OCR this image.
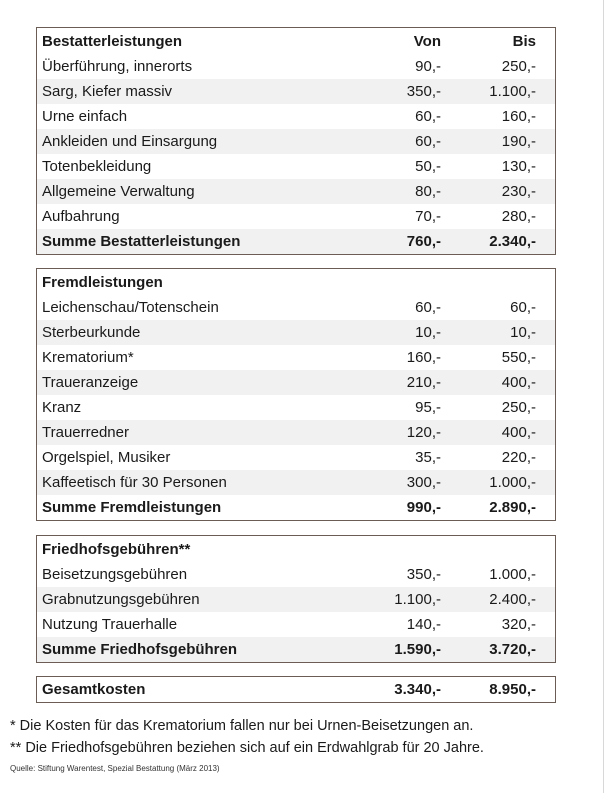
Bestatterleistungen	Von	Bis
Überführung, innerorts	90,-	250,-
Sarg, Kiefer massiv	350,-	1.100,-
Urne einfach	60,-	160,-
Ankleiden und Einsargung	60,-	190,-
Totenbekleidung	50,-	130,-
Allgemeine Verwaltung	80,-	230,-
Aufbahrung	70,-	280,-
Summe Bestatterleistungen	760,-	2.340,-
Fremdleistungen		
Leichenschau/Totenschein	60,-	60,-
Sterbeurkunde	10,-	10,-
Krematorium*	160,-	550,-
Traueranzeige	210,-	400,-
Kranz	95,-	250,-
Trauerredner	120,-	400,-
Orgelspiel, Musiker	35,-	220,-
Kaffeetisch für 30 Personen	300,-	1.000,-
Summe Fremdleistungen	990,-	2.890,-
Friedhofsgebühren**		
Beisetzungsgebühren	350,-	1.000,-
Grabnutzungsgebühren	1.100,-	2.400,-
Nutzung Trauerhalle	140,-	320,-
Summe Friedhofsgebühren	1.590,-	3.720,-
Gesamtkosten	3.340,-	8.950,-
* Die Kosten für das Krematorium fallen nur bei Urnen-Beisetzungen an.
** Die Friedhofsgebühren beziehen sich auf ein Erdwahlgrab für 20 Jahre.
Quelle: Stiftung Warentest, Spezial Bestattung (März 2013)
